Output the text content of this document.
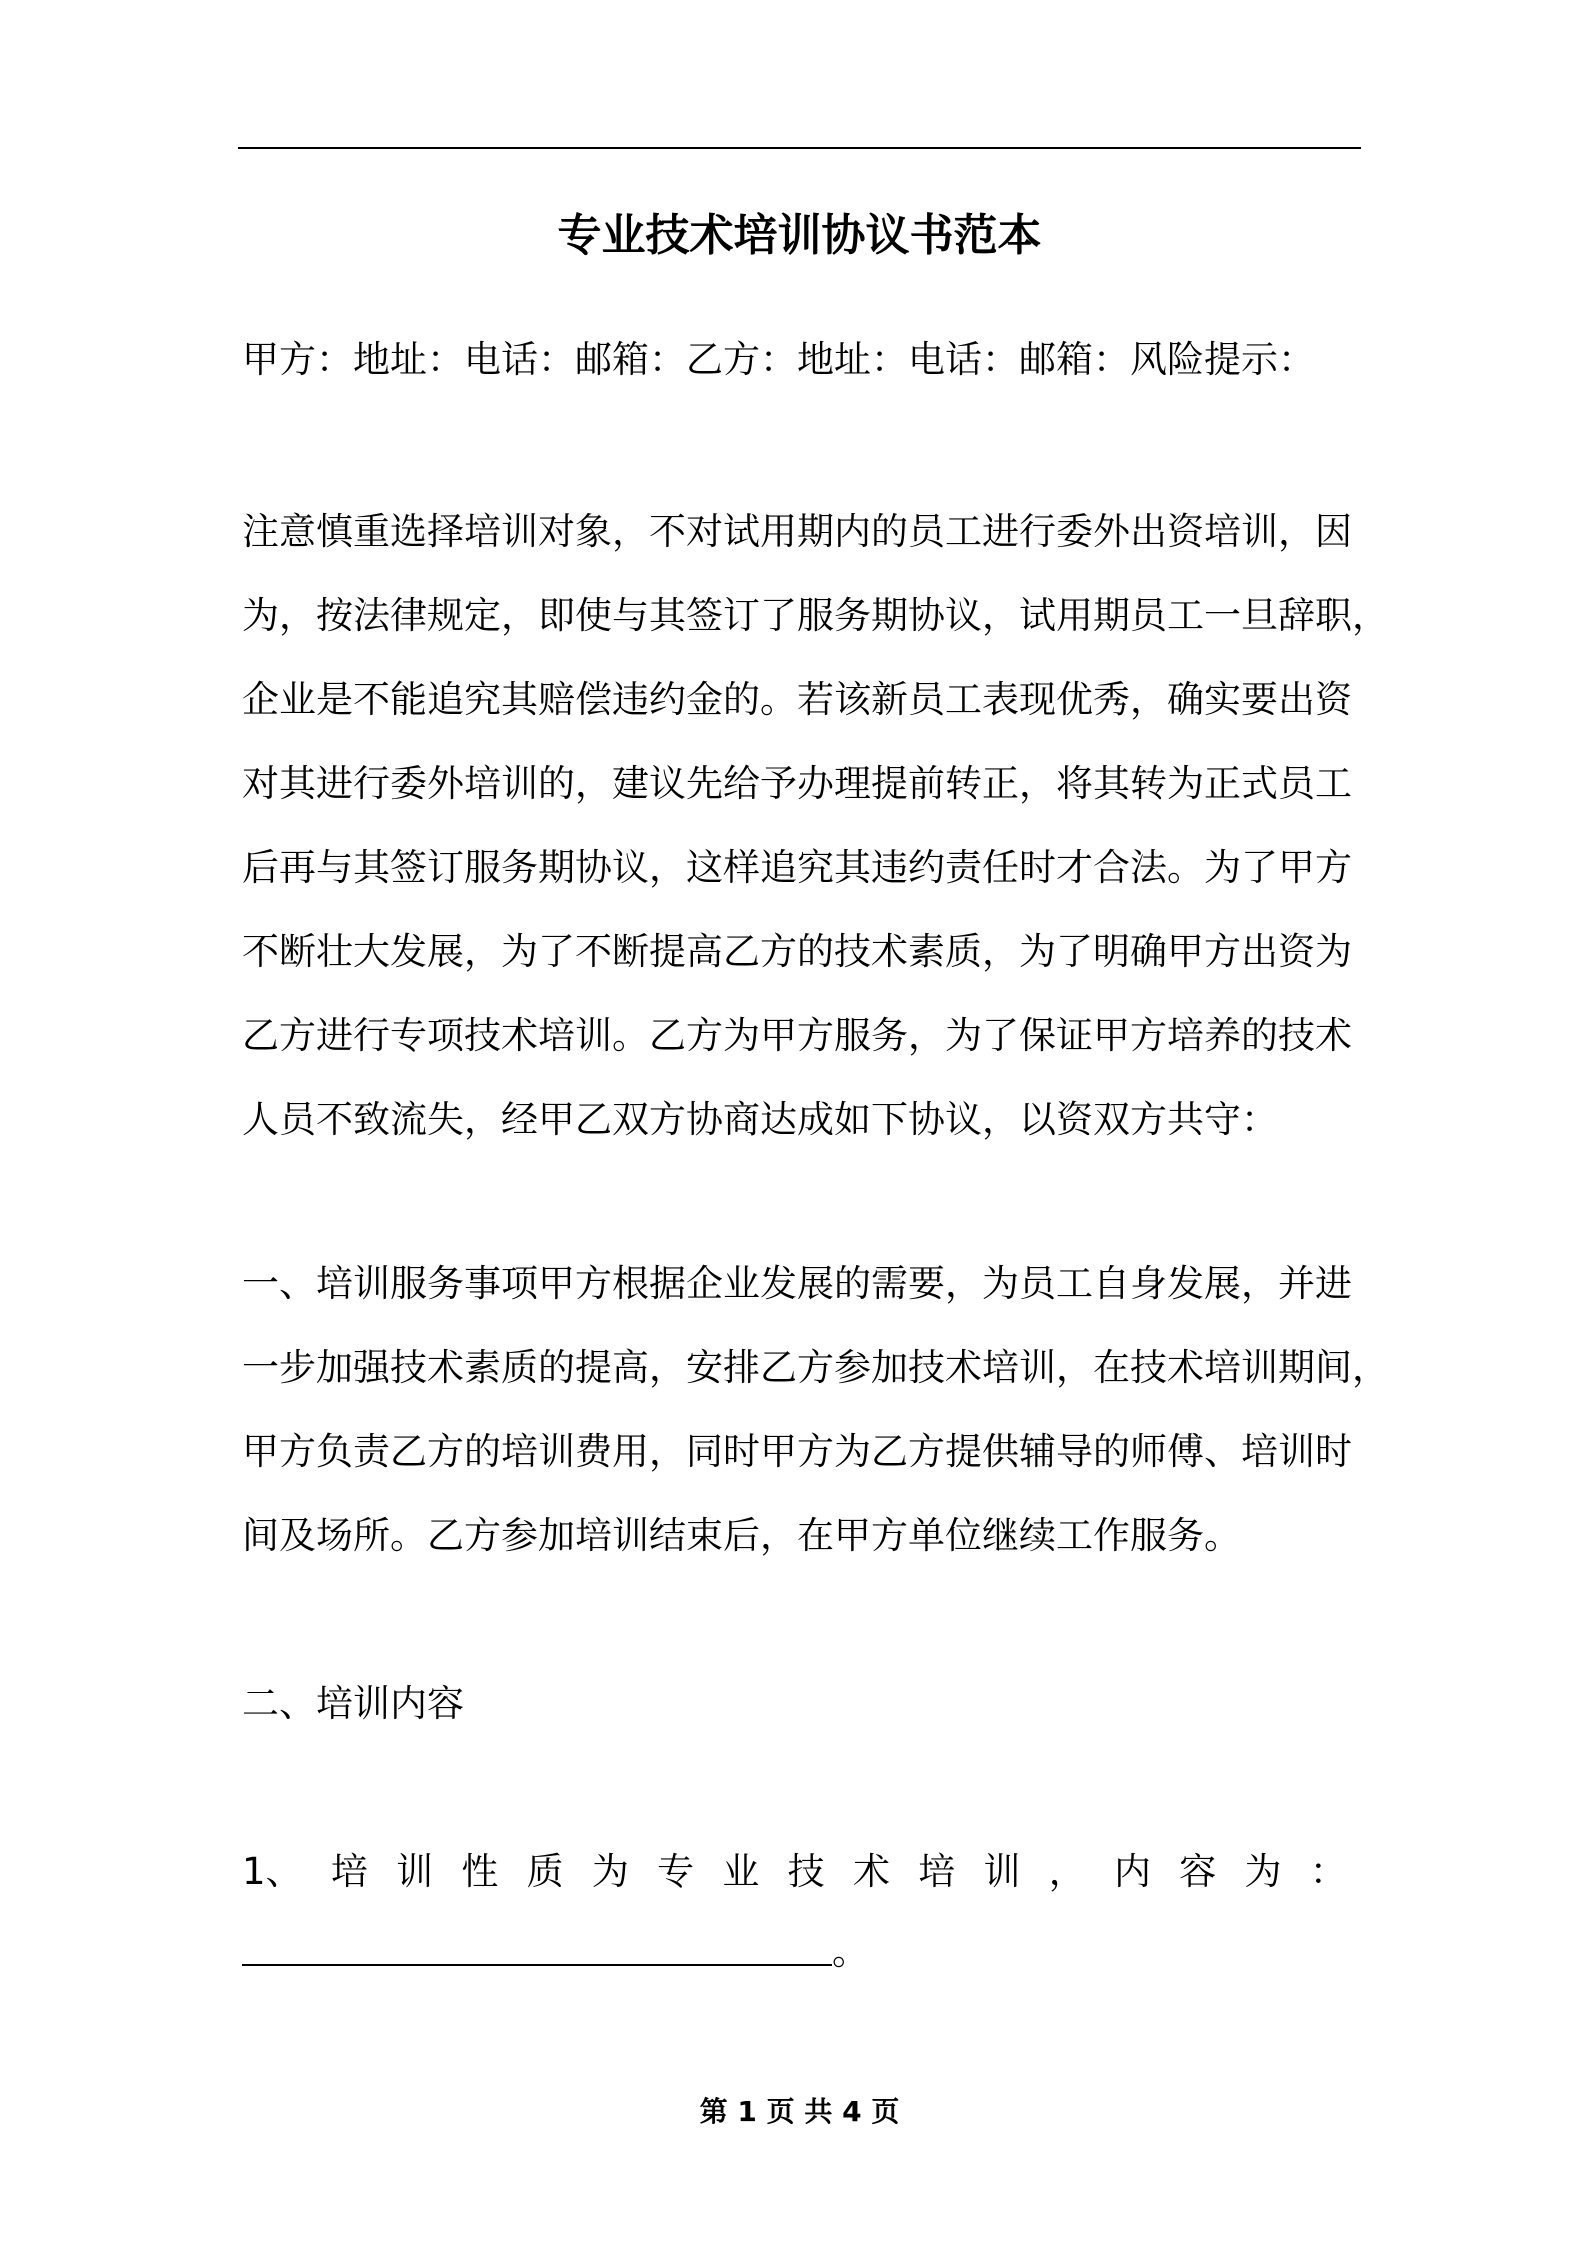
专业技术培训协议书范本

甲方：地址：电话：邮箱：乙方：地址：电话：邮箱：风险提示：

注意慎重选择培训对象，不对试用期内的员工进行委外出资培训，因
为，按法律规定，即使与其签订了服务期协议，试用期员工一旦辞职，
企业是不能追究其赔偿违约金的。若该新员工表现优秀，确实要出资
对其进行委外培训的，建议先给予办理提前转正，将其转为正式员工
后再与其签订服务期协议，这样追究其违约责任时才合法。为了甲方
不断壮大发展，为了不断提高乙方的技术素质，为了明确甲方出资为
乙方进行专项技术培训。乙方为甲方服务，为了保证甲方培养的技术
人员不致流失，经甲乙双方协商达成如下协议，以资双方共守：

一、培训服务事项甲方根据企业发展的需要，为员工自身发展，并进
一步加强技术素质的提高，安排乙方参加技术培训，在技术培训期间，
甲方负责乙方的培训费用，同时甲方为乙方提供辅导的师傅、培训时
间及场所。乙方参加培训结束后，在甲方单位继续工作服务。

二、培训内容

1、 培 训 性 质 为 专 业 技 术 培 训 ， 内 容 为 ：
。
第 1 页 共 4 页
